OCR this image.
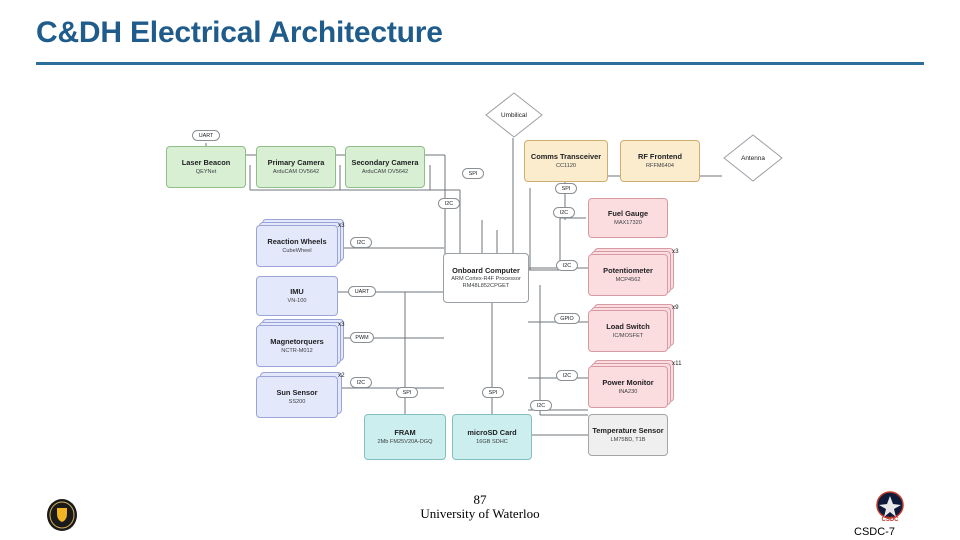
C&DH Electrical Architecture
Umbilical
Antenna
Laser Beacon
QEYNet
Primary Camera
ArduCAM OV5642
Secondary Camera
ArduCAM OV5642
Comms Transceiver
CC1120
RF Frontend
RFFM6404
Reaction Wheels
CubeWheel
IMU
VN-100
Magnetorquers
NCTR-M012
Sun Sensor
SS200
Onboard Computer
ARM Cortex-R4F Processor RM48L852CPGET
Fuel Gauge
MAX17320
Potentiometer
MCP4562
Load Switch
IC/MOSFET
Power Monitor
INA230
Temperature Sensor
LM75BD, T1B
FRAM
2Mb FM25V20A-DGQ
microSD Card
16GB SDHC
UART
SPI
I2C
SPI
I2C
I2C
I2C
UART
GPIO
PWM
I2C
I2C
SPI	SPI
I2C
x3
x3
x2
x3
x9
x11
87
University of Waterloo
CSDC-7
CSDC
